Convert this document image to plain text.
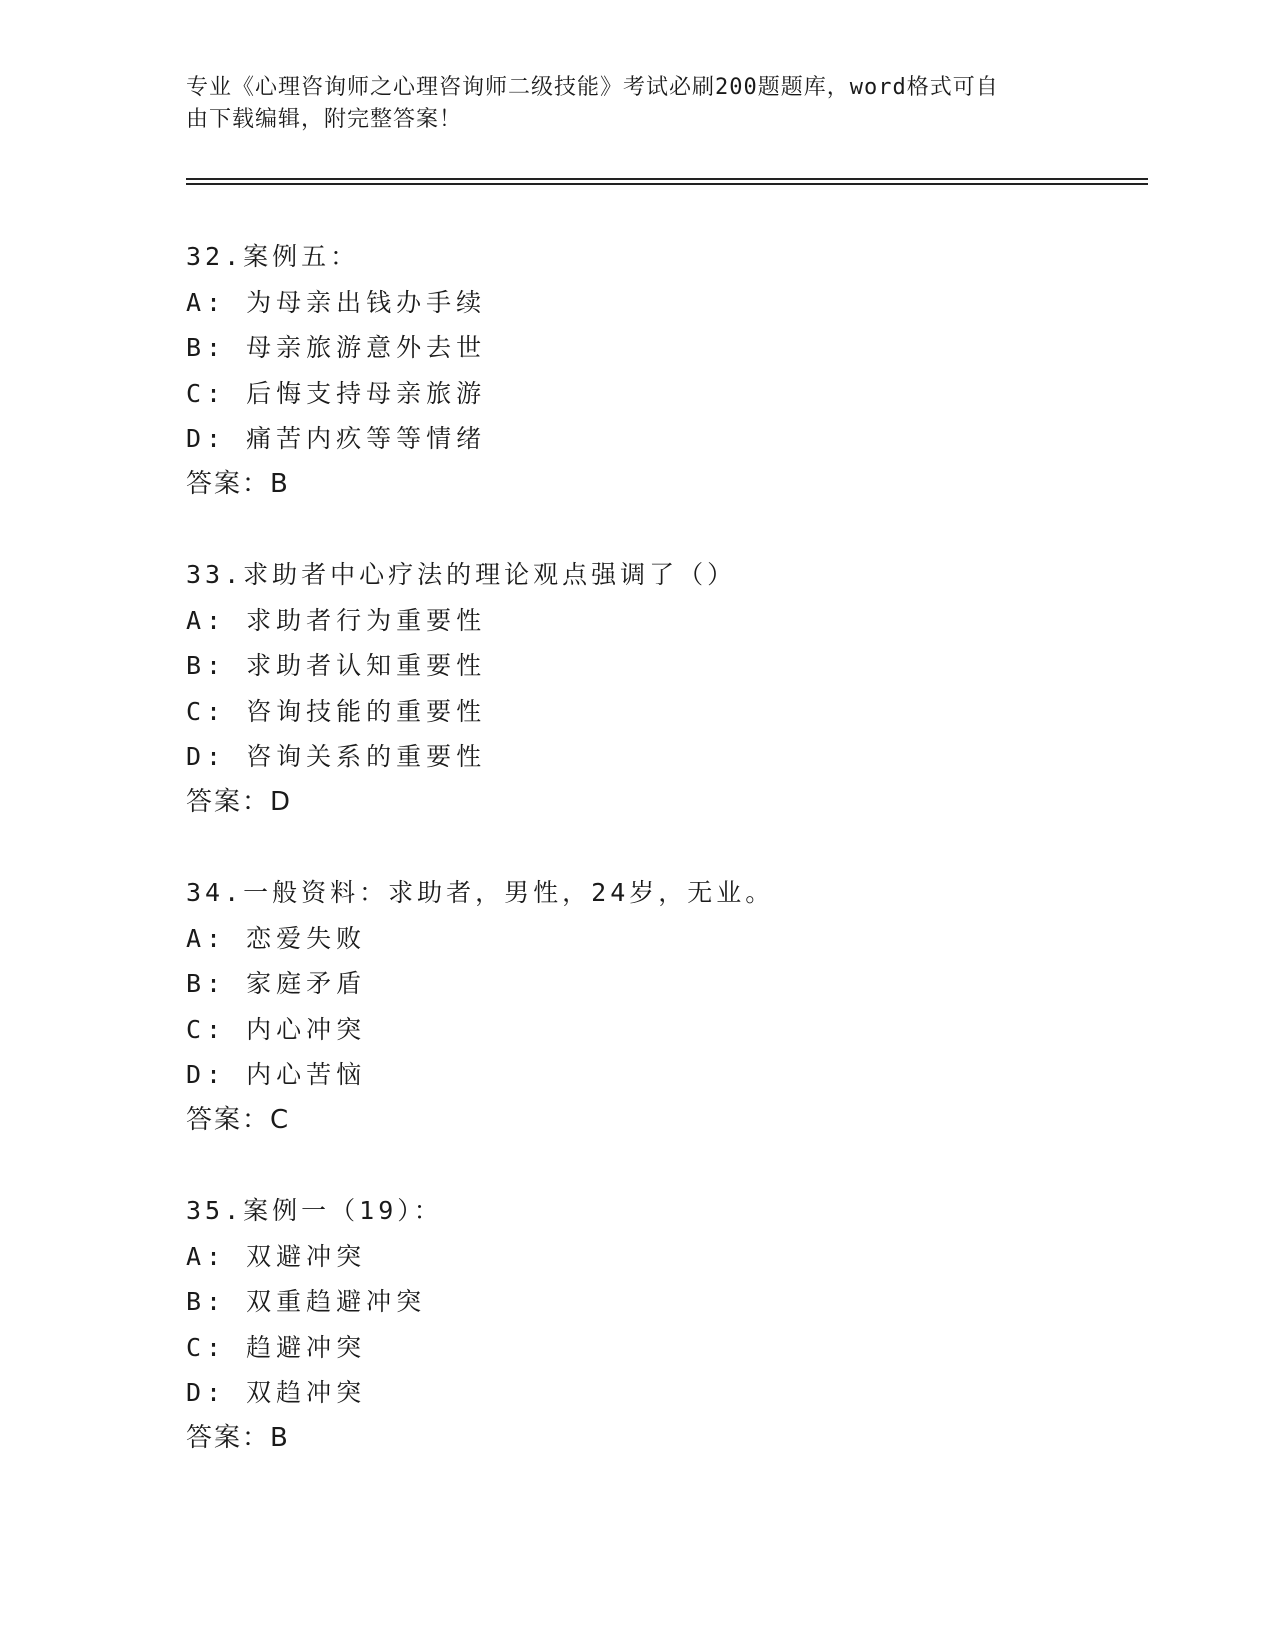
专业《心理咨询师之心理咨询师二级技能》考试必刷200题题库，word格式可自
由下载编辑，附完整答案！
32.案例五：
A: 为母亲出钱办手续
B: 母亲旅游意外去世
C: 后悔支持母亲旅游
D: 痛苦内疚等等情绪
答案：B
33.求助者中心疗法的理论观点强调了（）
A: 求助者行为重要性
B: 求助者认知重要性
C: 咨询技能的重要性
D: 咨询关系的重要性
答案：D
34.一般资料：求助者，男性，24岁，无业。
A: 恋爱失败
B: 家庭矛盾
C: 内心冲突
D: 内心苦恼
答案：C
35.案例一（19）：
A: 双避冲突
B: 双重趋避冲突
C: 趋避冲突
D: 双趋冲突
答案：B
